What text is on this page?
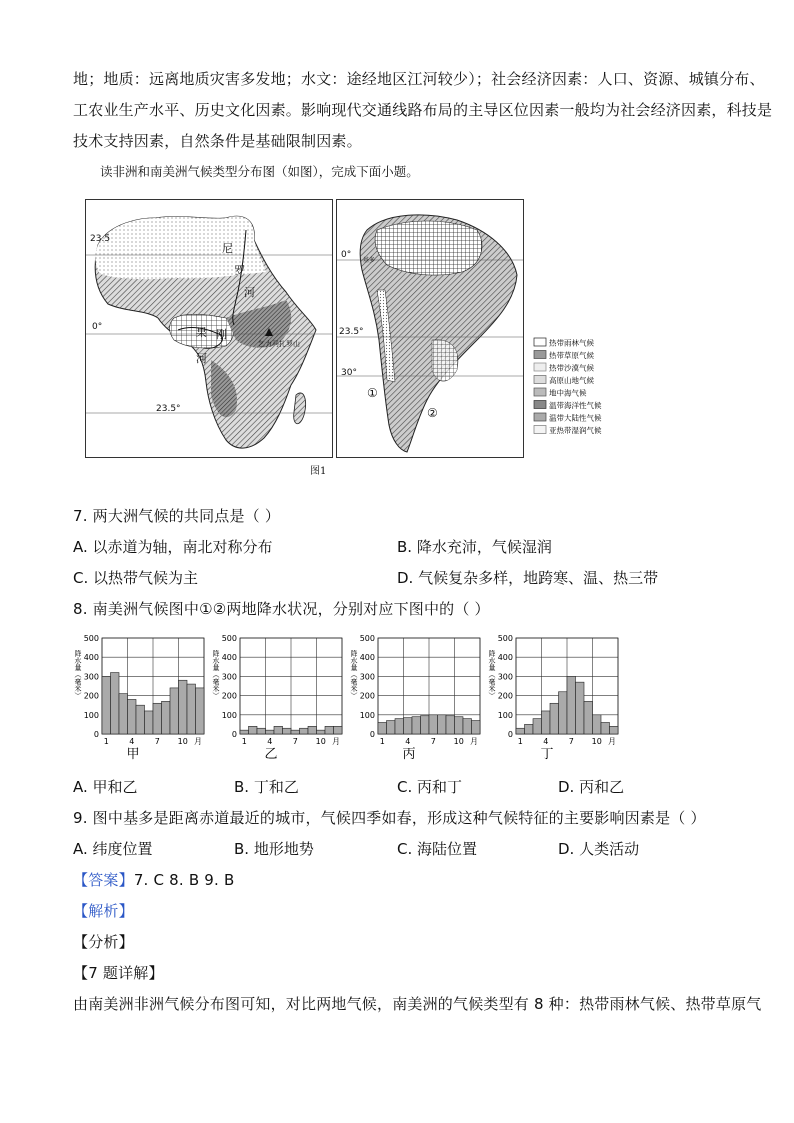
地；地质：远离地质灾害多发地；水文：途经地区江河较少）；社会经济因素：人口、资源、城镇分布、
工农业生产水平、历史文化因素。影响现代交通线路布局的主导区位因素一般均为社会经济因素，科技是
技术支持因素，自然条件是基础限制因素。
读非洲和南美洲气候类型分布图（如图），完成下面小题。
23.5
0°
23.5°
尼
罗
河
刚
果
河
乞力马扎罗山
0°
23.5°
30°
基多
①
②
热带雨林气候
热带草原气候
热带沙漠气候
高原山地气候
地中海气候
温带海洋性气候
温带大陆性气候
亚热带湿润气候
图1
7. 两大洲气候的共同点是（ ）
A. 以赤道为轴，南北对称分布	B. 降水充沛，气候湿润
C. 以热带气候为主	D. 气候复杂多样，地跨寒、温、热三带
8. 南美洲气候图中①②两地降水状况，分别对应下图中的（ ）
降水量（毫米）
0
100
200
300
400
500
1	4	7 10 月
甲
降水量（毫米）
0
100
200
300
400
500
1	4	7 10 月
乙
降水量（毫米）
0
100
200
300
400
500
1	4	7 10 月
丙
降水量（毫米）
0
100
200
300
400
500
1	4	7 10 月
丁
A. 甲和乙	B. 丁和乙	C. 丙和丁	D. 丙和乙
9. 图中基多是距离赤道最近的城市，气候四季如春，形成这种气候特征的主要影响因素是（ ）
A. 纬度位置	B. 地形地势	C. 海陆位置	D. 人类活动
【答案】7. C 8. B 9. B
【解析】
【分析】
【7 题详解】
由南美洲非洲气候分布图可知，对比两地气候，南美洲的气候类型有 8 种：热带雨林气候、热带草原气
